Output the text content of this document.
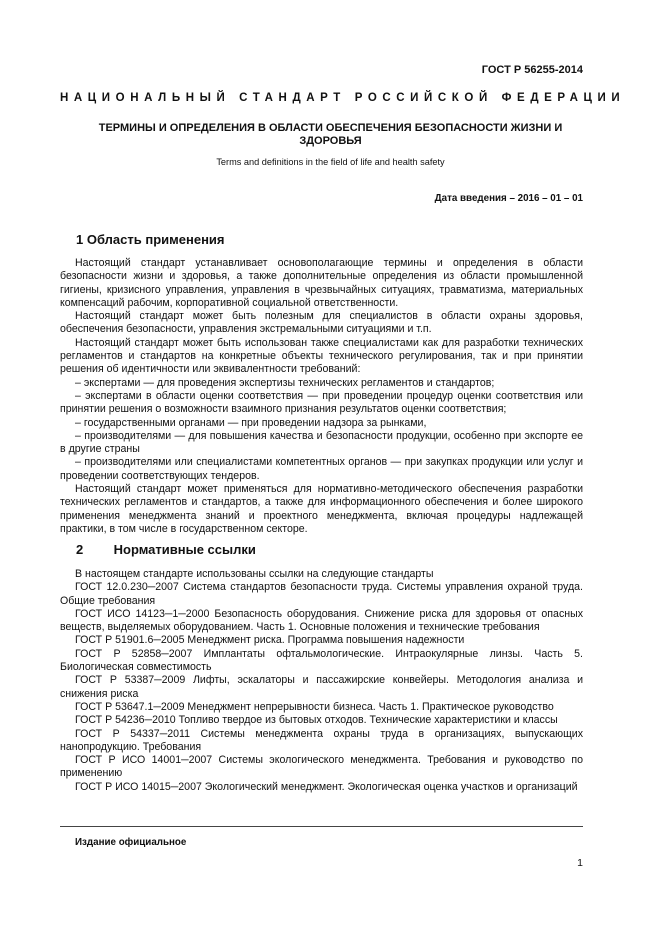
ГОСТ Р 56255-2014
НАЦИОНАЛЬНЫЙ СТАНДАРТ РОССИЙСКОЙ ФЕДЕРАЦИИ
ТЕРМИНЫ И ОПРЕДЕЛЕНИЯ В ОБЛАСТИ ОБЕСПЕЧЕНИЯ БЕЗОПАСНОСТИ ЖИЗНИ И ЗДОРОВЬЯ
Terms and definitions in the field of life and health safety
Дата введения – 2016 – 01 – 01
1 Область применения

Настоящий стандарт устанавливает основополагающие термины и определения в области безопасности жизни и здоровья, а также дополнительные определения из области промышленной гигиены, кризисного управления, управления в чрезвычайных ситуациях, травматизма, материальных компенсаций рабочим, корпоративной социальной ответственности.

Настоящий стандарт может быть полезным для специалистов в области охраны здоровья, обеспечения безопасности, управления экстремальными ситуациями и т.п.

Настоящий стандарт может быть использован также специалистами как для разработки технических регламентов и стандартов на конкретные объекты технического регулирования, так и при принятии решения об идентичности или эквивалентности требований:

– экспертами — для проведения экспертизы технических регламентов и стандартов;

– экспертами в области оценки соответствия — при проведении процедур оценки соответствия или принятии решения о возможности взаимного признания результатов оценки соответствия;

– государственными органами — при проведении надзора за рынками,

– производителями — для повышения качества и безопасности продукции, особенно при экспорте ее в другие страны

– производителями или специалистами компетентных органов — при закупках продукции или услуг и проведении соответствующих тендеров.

Настоящий стандарт может применяться для нормативно-методического обеспечения разработки технических регламентов и стандартов, а также для информационного обеспечения и более широкого применения менеджмента знаний и проектного менеджмента, включая процедуры надлежащей практики, в том числе в государственном секторе.

2 Нормативные ссылки

В настоящем стандарте использованы ссылки на следующие стандарты

ГОСТ 12.0.230─2007 Система стандартов безопасности труда. Системы управления охраной труда. Общие требования

ГОСТ ИСО 14123─1─2000 Безопасность оборудования. Снижение риска для здоровья от опасных веществ, выделяемых оборудованием. Часть 1. Основные положения и технические требования

ГОСТ Р 51901.6─2005 Менеджмент риска. Программа повышения надежности

ГОСТ Р 52858─2007 Имплантаты офтальмологические. Интраокулярные линзы. Часть 5. Биологическая совместимость

ГОСТ Р 53387─2009 Лифты, эскалаторы и пассажирские конвейеры. Методология анализа и снижения риска

ГОСТ Р 53647.1─2009 Менеджмент непрерывности бизнеса. Часть 1. Практическое руководство

ГОСТ Р 54236─2010 Топливо твердое из бытовых отходов. Технические характеристики и классы

ГОСТ Р 54337─2011 Системы менеджмента охраны труда в организациях, выпускающих нанопродукцию. Требования

ГОСТ Р ИСО 14001─2007 Системы экологического менеджмента. Требования и руководство по применению

ГОСТ Р ИСО 14015─2007 Экологический менеджмент. Экологическая оценка участков и организаций

Издание официальное
1
